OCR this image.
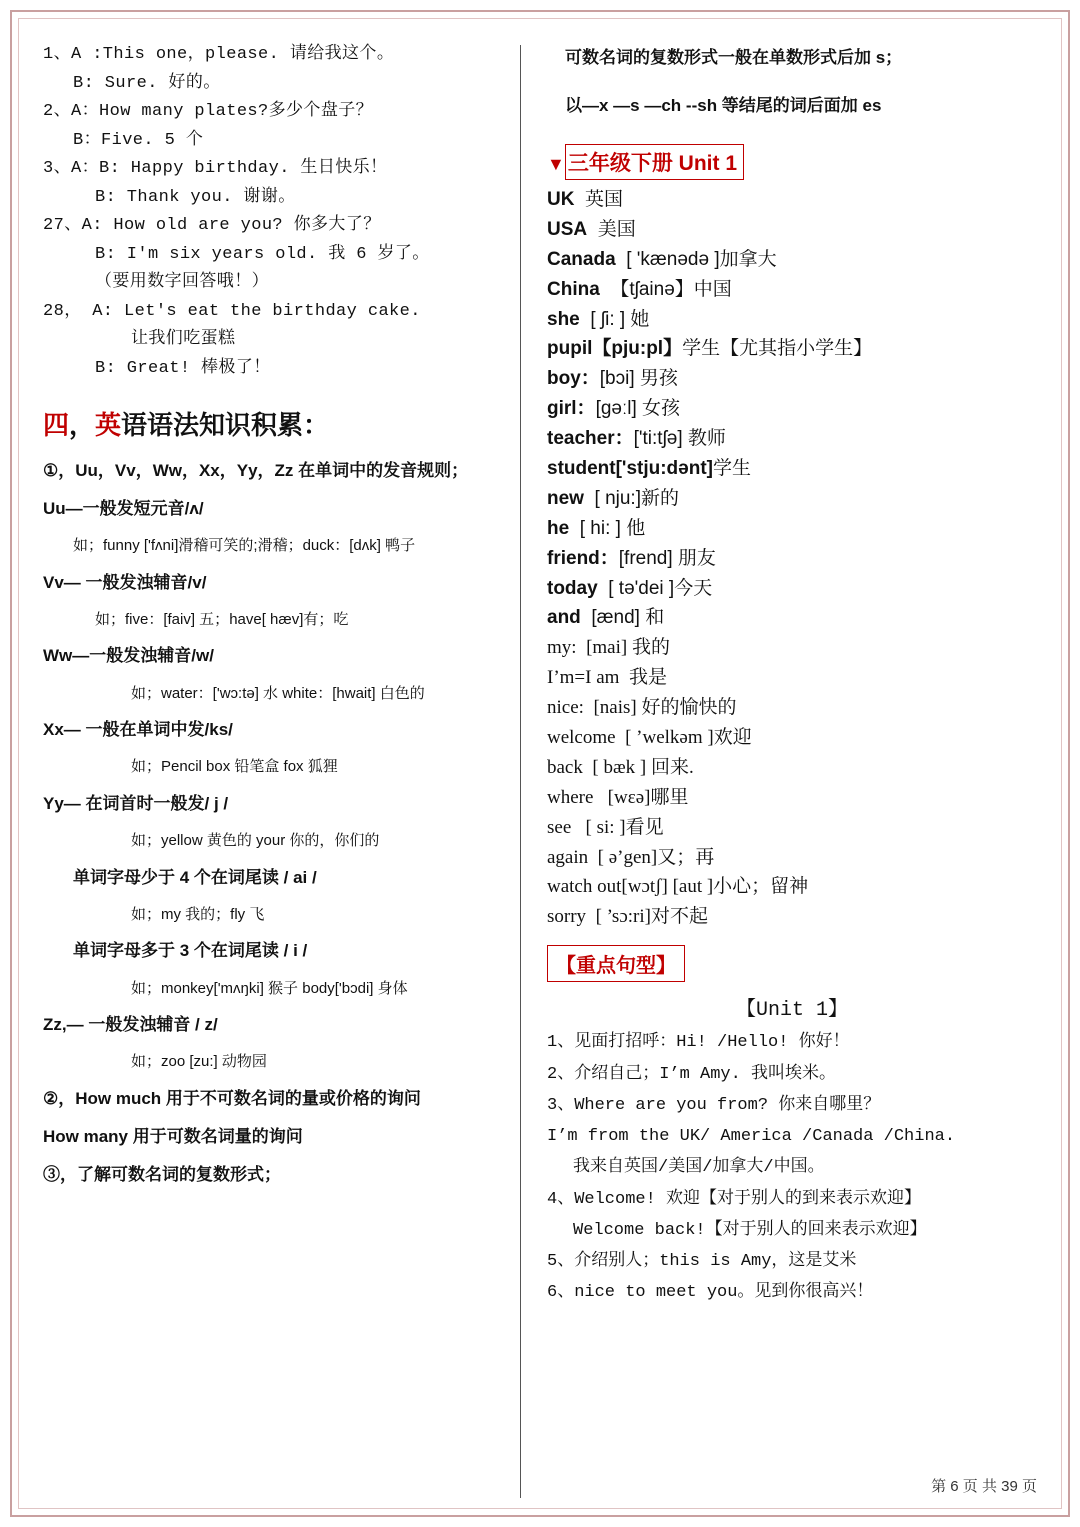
1、A :This one，please. 请给我这个。
B: Sure. 好的。
2、A：How many plates?多少个盘子？
B：Five. 5 个
3、A：B: Happy birthday. 生日快乐！
B: Thank you. 谢谢。
27、A: How old are you? 你多大了？
B: I′m six years old. 我 6 岁了。
（要用数字回答哦！）
28， A: Let's eat the birthday cake.
让我们吃蛋糕
B: Great! 棒极了！
四，英语语法知识积累：
①，Uu，Vv，Ww，Xx，Yy，Zz 在单词中的发音规则；
Uu—一般发短元音/ʌ/
如；funny ['fʌni]滑稽可笑的;滑稽；duck：[dʌk] 鸭子
Vv— 一般发浊辅音/v/
如；five：[faiv] 五；have[ hæv]有；吃
Ww—一般发浊辅音/w/
如；water：['wɔ:tə] 水 white：[hwait] 白色的
Xx— 一般在单词中发/ks/
如；Pencil box 铅笔盒 fox 狐狸
Yy— 在词首时一般发/ j /
如；yellow 黄色的 your 你的，你们的
单词字母少于 4 个在词尾读 / ai /
如；my 我的；fly 飞
单词字母多于 3 个在词尾读 / i /
如；monkey['mʌŋki] 猴子 body['bɔdi] 身体
Zz,— 一般发浊辅音 / z/
如；zoo [zu:] 动物园
②，How much 用于不可数名词的量或价格的询问
How many 用于可数名词量的询问
③，了解可数名词的复数形式；
可数名词的复数形式一般在单数形式后加 s；
以—x —s —ch --sh 等结尾的词后面加 es
▼ 三年级下册 Unit 1
UK 英国
USA 美国
Canada [ 'kænədə ]加拿大
China 【tʃainə】中国
she [ ʃi: ] 她
pupil【pju:pl】学生【尤其指小学生】
boy：[bɔi] 男孩
girl：[gəːl] 女孩
teacher：['ti:tʃə] 教师
student['stju:dənt]学生
new [ nju:]新的
he [ hi: ] 他
friend：[frend] 朋友
today [ tə'dei ]今天
and [ænd] 和
my: [mai] 我的
I’m=I am 我是
nice: [nais] 好的愉快的
welcome [ ’welkəm ]欢迎
back [ bæk ] 回来.
where [wɛə]哪里
see [ si: ]看见
again [ ə’gen]又；再
watch out[wɔtʃ] [aut ]小心；留神
sorry [ ’sɔ:ri]对不起
【重点句型】
【Unit 1】
1、见面打招呼：Hi! /Hello! 你好！
2、介绍自己；I’m Amy. 我叫埃米。
3、Where are you from? 你来自哪里？
I’m from the UK/ America /Canada /China.
我来自英国/美国/加拿大/中国。
4、Welcome! 欢迎【对于别人的到来表示欢迎】
Welcome back!【对于别人的回来表示欢迎】
5、介绍别人；this is Amy，这是艾米
6、nice to meet you。见到你很高兴！
第 6 页 共 39 页
